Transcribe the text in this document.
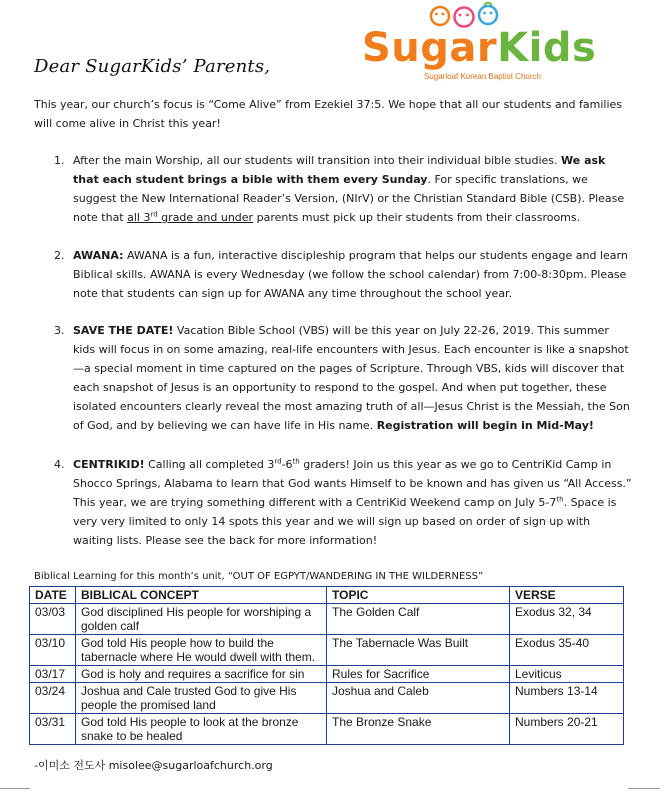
Dear SugarKids’ Parents, SugarKids
Sugarloaf Korean Baptist Church
This year, our church’s focus is “Come Alive” from Ezekiel 37:5. We hope that all our students and families will come alive in Christ this year!
1. After the main Worship, all our students will transition into their individual bible studies. We ask that each student brings a bible with them every Sunday. For specific translations, we suggest the New International Reader’s Version, (NIrV) or the Christian Standard Bible (CSB). Please note that all 3rd grade and under parents must pick up their students from their classrooms.
2. AWANA: AWANA is a fun, interactive discipleship program that helps our students engage and learn Biblical skills. AWANA is every Wednesday (we follow the school calendar) from 7:00-8:30pm. Please note that students can sign up for AWANA any time throughout the school year.
3. SAVE THE DATE! Vacation Bible School (VBS) will be this year on July 22-26, 2019. This summer kids will focus in on some amazing, real-life encounters with Jesus. Each encounter is like a snapshot—a special moment in time captured on the pages of Scripture. Through VBS, kids will discover that each snapshot of Jesus is an opportunity to respond to the gospel. And when put together, these isolated encounters clearly reveal the most amazing truth of all—Jesus Christ is the Messiah, the Son of God, and by believing we can have life in His name. Registration will begin in Mid-May!
4. CENTRIKID! Calling all completed 3rd-6th graders! Join us this year as we go to CentriKid Camp in Shocco Springs, Alabama to learn that God wants Himself to be known and has given us “All Access.” This year, we are trying something different with a CentriKid Weekend camp on July 5-7th. Space is very very limited to only 14 spots this year and we will sign up based on order of sign up with waiting lists. Please see the back for more information!
Biblical Learning for this month’s unit, “OUT OF EGPYT/WANDERING IN THE WILDERNESS”
DATE	BIBLICAL CONCEPT	TOPIC	VERSE
03/03	God disciplined His people for worshiping a golden calf	The Golden Calf	Exodus 32, 34
03/10	God told His people how to build the tabernacle where He would dwell with them.	The Tabernacle Was Built	Exodus 35-40
03/17	God is holy and requires a sacrifice for sin	Rules for Sacrifice	Leviticus
03/24	Joshua and Cale trusted God to give His people the promised land	Joshua and Caleb	Numbers 13-14
03/31	God told His people to look at the bronze snake to be healed	The Bronze Snake	Numbers 20-21
-이미소 전도사 misolee@sugarloafchurch.org
